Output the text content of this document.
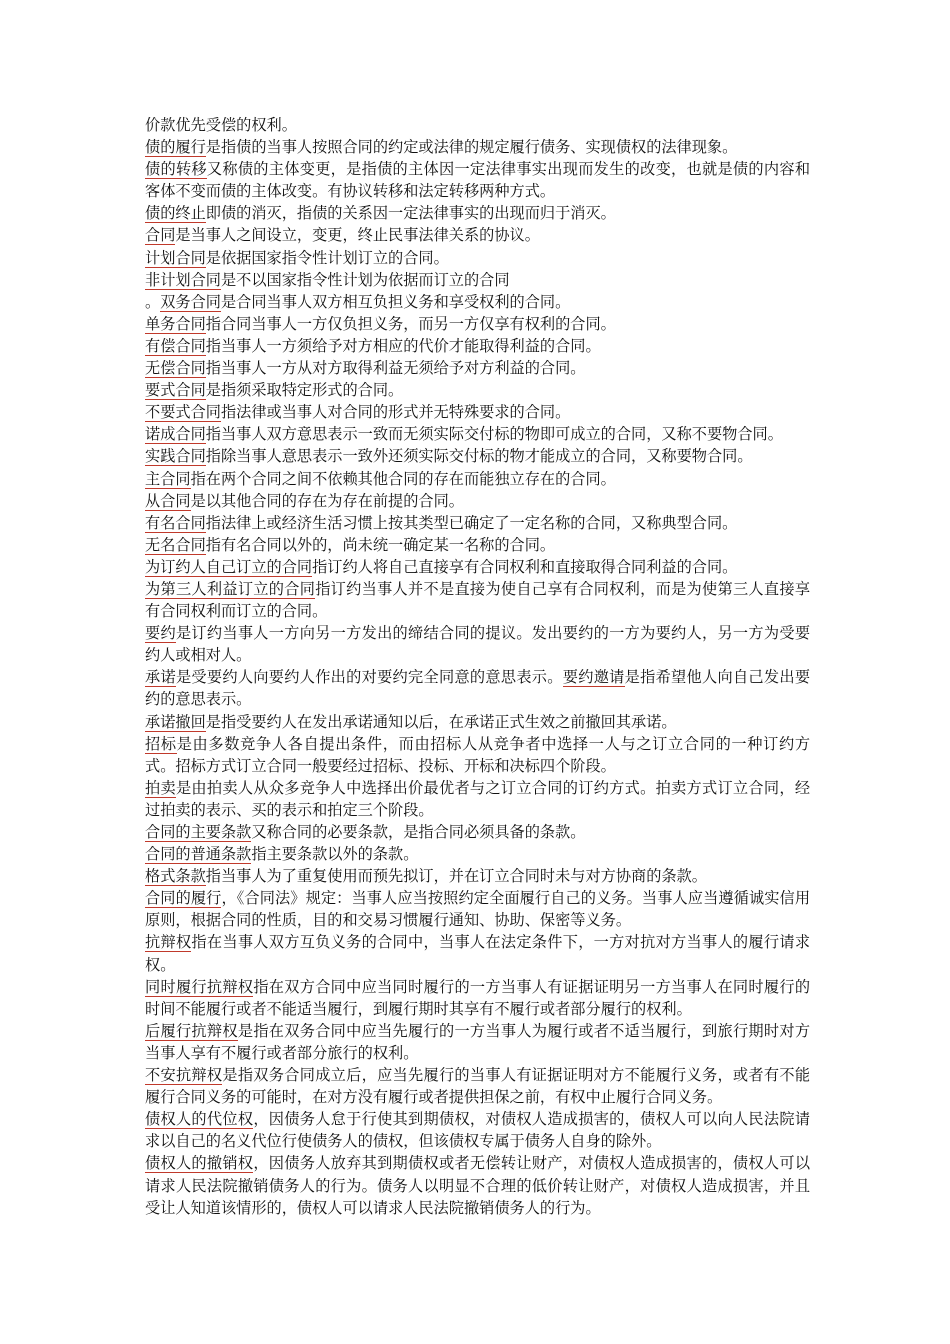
价款优先受偿的权利。

债的履行是指债的当事人按照合同的约定或法律的规定履行债务、实现债权的法律现象。

债的转移又称债的主体变更，是指债的主体因一定法律事实出现而发生的改变，也就是债的内容和客体不变而债的主体改变。有协议转移和法定转移两种方式。

债的终止即债的消灭，指债的关系因一定法律事实的出现而归于消灭。

合同是当事人之间设立，变更，终止民事法律关系的协议。

计划合同是依据国家指令性计划订立的合同。

非计划合同是不以国家指令性计划为依据而订立的合同

。双务合同是合同当事人双方相互负担义务和享受权利的合同。

单务合同指合同当事人一方仅负担义务，而另一方仅享有权利的合同。

有偿合同指当事人一方须给予对方相应的代价才能取得利益的合同。

无偿合同指当事人一方从对方取得利益无须给予对方利益的合同。

要式合同是指须采取特定形式的合同。

不要式合同指法律或当事人对合同的形式并无特殊要求的合同。

诺成合同指当事人双方意思表示一致而无须实际交付标的物即可成立的合同，又称不要物合同。

实践合同指除当事人意思表示一致外还须实际交付标的物才能成立的合同，又称要物合同。

主合同指在两个合同之间不依赖其他合同的存在而能独立存在的合同。

从合同是以其他合同的存在为存在前提的合同。

有名合同指法律上或经济生活习惯上按其类型已确定了一定名称的合同，又称典型合同。

无名合同指有名合同以外的，尚未统一确定某一名称的合同。

为订约人自己订立的合同指订约人将自己直接享有合同权利和直接取得合同利益的合同。

为第三人利益订立的合同指订约当事人并不是直接为使自己享有合同权利，而是为使第三人直接享有合同权利而订立的合同。

要约是订约当事人一方向另一方发出的缔结合同的提议。发出要约的一方为要约人，另一方为受要约人或相对人。

承诺是受要约人向要约人作出的对要约完全同意的意思表示。要约邀请是指希望他人向自己发出要约的意思表示。

承诺撤回是指受要约人在发出承诺通知以后，在承诺正式生效之前撤回其承诺。

招标是由多数竞争人各自提出条件，而由招标人从竞争者中选择一人与之订立合同的一种订约方式。招标方式订立合同一般要经过招标、投标、开标和决标四个阶段。

拍卖是由拍卖人从众多竞争人中选择出价最优者与之订立合同的订约方式。拍卖方式订立合同，经过拍卖的表示、买的表示和拍定三个阶段。

合同的主要条款又称合同的必要条款，是指合同必须具备的条款。

合同的普通条款指主要条款以外的条款。

格式条款指当事人为了重复使用而预先拟订，并在订立合同时未与对方协商的条款。

合同的履行，《合同法》规定：当事人应当按照约定全面履行自己的义务。当事人应当遵循诚实信用原则，根据合同的性质，目的和交易习惯履行通知、协助、保密等义务。

抗辩权指在当事人双方互负义务的合同中，当事人在法定条件下，一方对抗对方当事人的履行请求权。

同时履行抗辩权指在双方合同中应当同时履行的一方当事人有证据证明另一方当事人在同时履行的时间不能履行或者不能适当履行，到履行期时其享有不履行或者部分履行的权利。

后履行抗辩权是指在双务合同中应当先履行的一方当事人为履行或者不适当履行，到旅行期时对方当事人享有不履行或者部分旅行的权利。

不安抗辩权是指双务合同成立后，应当先履行的当事人有证据证明对方不能履行义务，或者有不能履行合同义务的可能时，在对方没有履行或者提供担保之前，有权中止履行合同义务。

债权人的代位权，因债务人怠于行使其到期债权，对债权人造成损害的，债权人可以向人民法院请求以自己的名义代位行使债务人的债权，但该债权专属于债务人自身的除外。

债权人的撤销权，因债务人放弃其到期债权或者无偿转让财产，对债权人造成损害的，债权人可以请求人民法院撤销债务人的行为。债务人以明显不合理的低价转让财产，对债权人造成损害，并且受让人知道该情形的，债权人可以请求人民法院撤销债务人的行为。
